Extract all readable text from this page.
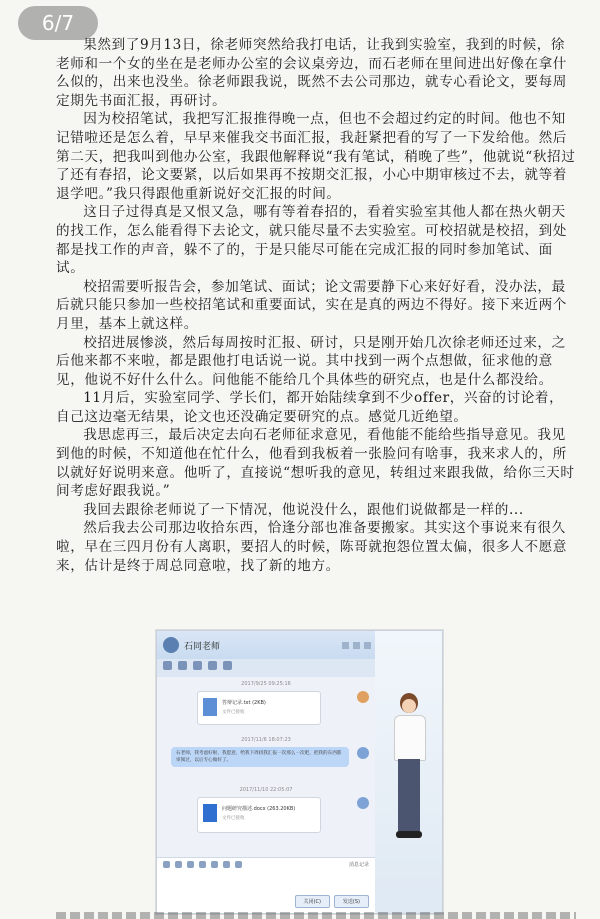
6/7

果然到了9月13日，徐老师突然给我打电话，让我到实验室，我到的时候，徐老师和一个女的坐在是老师办公室的会议桌旁边，而石老师在里间进出好像在拿什么似的，出来也没坐。徐老师跟我说，既然不去公司那边，就专心看论文，要每周定期先书面汇报，再研讨。

因为校招笔试，我把写汇报推得晚一点，但也不会超过约定的时间。他也不知记错啦还是怎么着，早早来催我交书面汇报，我赶紧把看的写了一下发给他。然后第二天，把我叫到他办公室，我跟他解释说“我有笔试，稍晚了些”，他就说“秋招过了还有春招，论文要紧，以后如果再不按期交汇报，小心中期审核过不去，就等着退学吧。”我只得跟他重新说好交汇报的时间。

这日子过得真是又恨又急，哪有等着春招的，看着实验室其他人都在热火朝天的找工作，怎么能看得下去论文，就只能尽量不去实验室。可校招就是校招，到处都是找工作的声音，躲不了的，于是只能尽可能在完成汇报的同时参加笔试、面试。

校招需要听报告会，参加笔试、面试；论文需要静下心来好好看，没办法，最后就只能只参加一些校招笔试和重要面试，实在是真的两边不得好。接下来近两个月里，基本上就这样。

校招进展惨淡，然后每周按时汇报、研讨，只是刚开始几次徐老师还过来，之后他来都不来啦，都是跟他打电话说一说。其中找到一两个点想做，征求他的意见，他说不好什么什么。问他能不能给几个具体些的研究点，也是什么都没给。

11月后，实验室同学、学长们，都开始陆续拿到不少offer，兴奋的讨论着，自己这边毫无结果，论文也还没确定要研究的点。感觉几近绝望。

我思虑再三，最后决定去向石老师征求意见，看他能不能给些指导意见。我见到他的时候，不知道他在忙什么，他看到我板着一张脸问有啥事，我来求人的，所以就好好说明来意。他听了，直接说“想听我的意见，转组过来跟我做，给你三天时间考虑好跟我说。”

我回去跟徐老师说了一下情况，他说没什么，跟他们说做都是一样的...

然后我去公司那边收拾东西，恰逢分部也准备要搬家。其实这个事说来有很久啦，早在三四月份有人离职，要招人的时候，陈哥就抱怨位置太偏，很多人不愿意来，估计是终于周总同意啦，找了新的地方。

石同老师
2017/9/25 09:25:16
答辩记录.txt (2KB)
文件已接收
2017/11/6 18:07:23
石老师，我考虑好啦，我愿意，给我下周找我汇报一次那么一次吧，把我的东西都审阅过，以后专心做好了。
2017/11/10 22:05:07
问题研究描述.docx (263.20KB)
文件已接收
消息记录
关闭(C)	发送(S)
